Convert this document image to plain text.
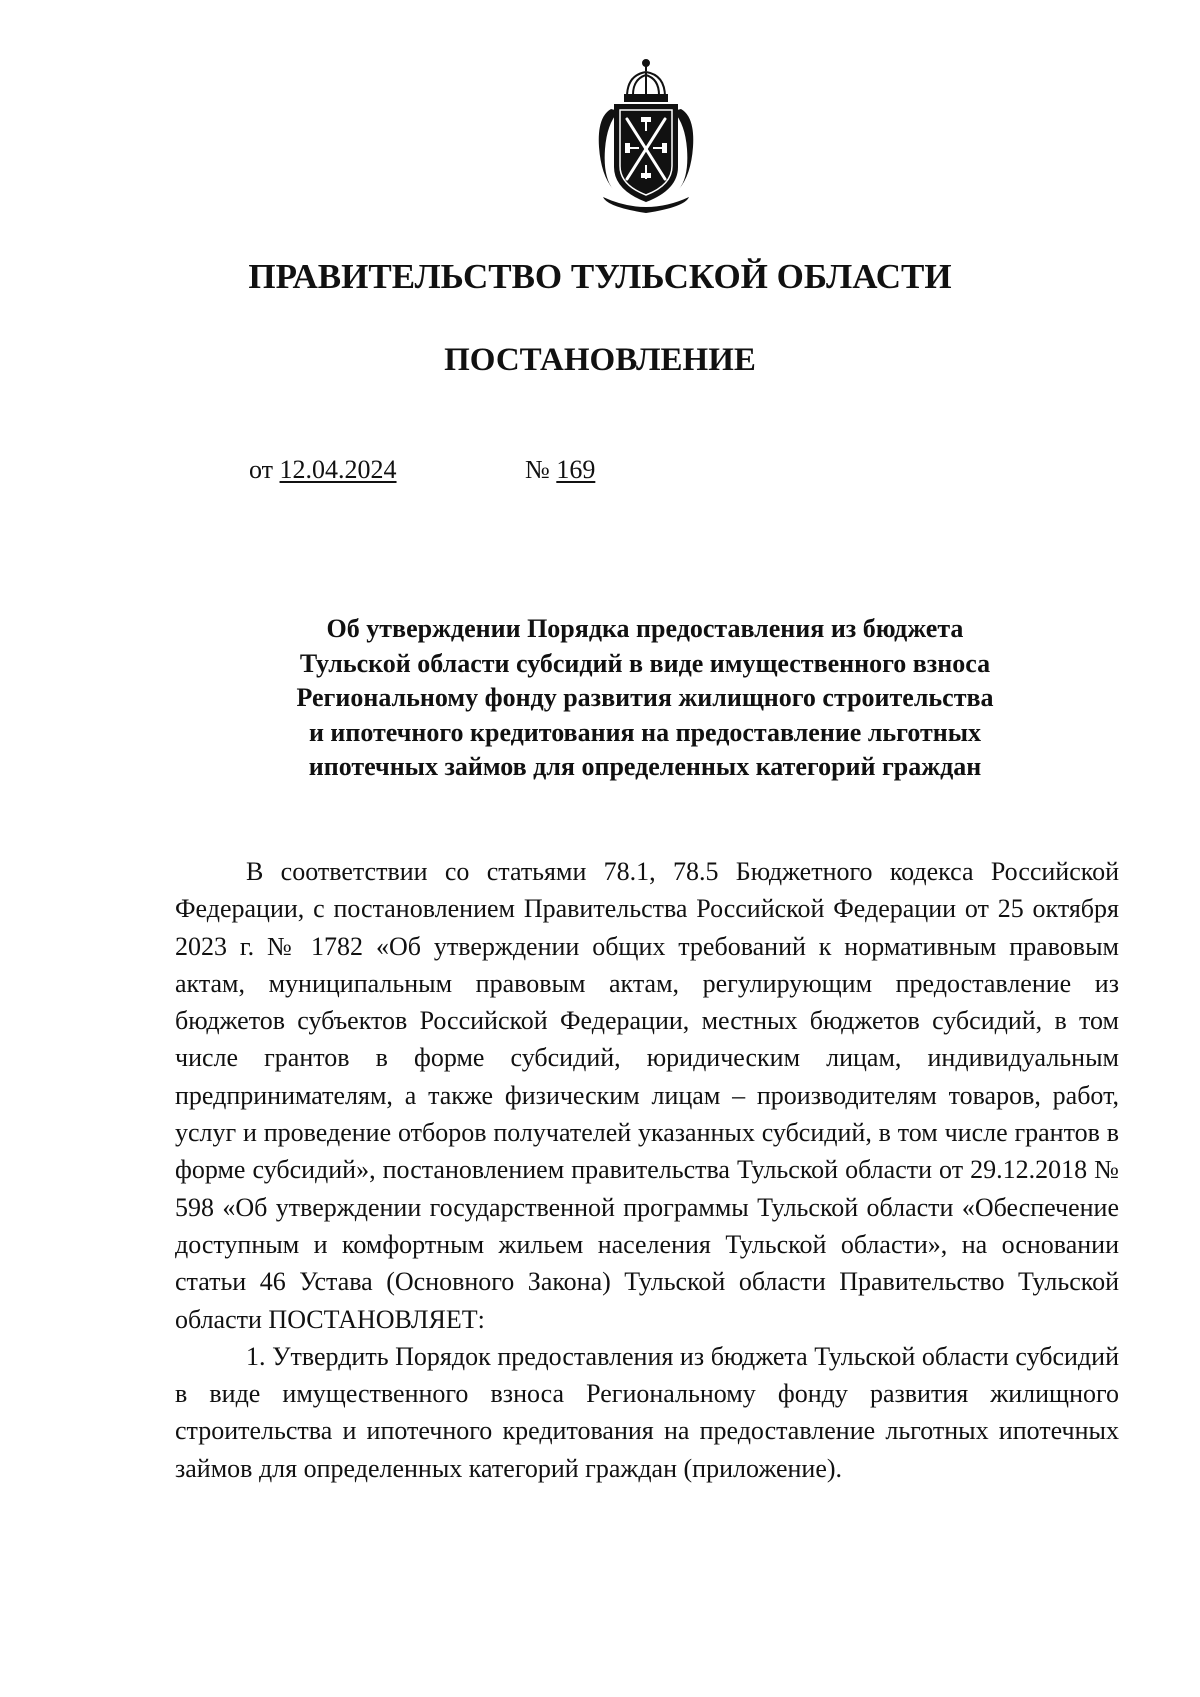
ПРАВИТЕЛЬСТВО ТУЛЬСКОЙ ОБЛАСТИ
ПОСТАНОВЛЕНИЕ
от 12.04.2024	№ 169
Об утверждении Порядка предоставления из бюджета
Тульской области субсидий в виде имущественного взноса
Региональному фонду развития жилищного строительства
и ипотечного кредитования на предоставление льготных
ипотечных займов для определенных категорий граждан

В соответствии со статьями 78.1, 78.5 Бюджетного кодекса Российской Федерации, с постановлением Правительства Российской Федерации от 25 октября 2023 г. № 1782 «Об утверждении общих требований к нормативным правовым актам, муниципальным правовым актам, регулирующим предоставление из бюджетов субъектов Российской Федерации, местных бюджетов субсидий, в том числе грантов в форме субсидий, юридическим лицам, индивидуальным предпринимателям, а также физическим лицам – производителям товаров, работ, услуг и проведение отборов получателей указанных субсидий, в том числе грантов в форме субсидий», постановлением правительства Тульской области от 29.12.2018 № 598 «Об утверждении государственной программы Тульской области «Обеспечение доступным и комфортным жильем населения Тульской области», на основании статьи 46 Устава (Основного Закона) Тульской области Правительство Тульской области ПОСТАНОВЛЯЕТ:

1. Утвердить Порядок предоставления из бюджета Тульской области субсидий в виде имущественного взноса Региональному фонду развития жилищного строительства и ипотечного кредитования на предоставление льготных ипотечных займов для определенных категорий граждан (приложение).
